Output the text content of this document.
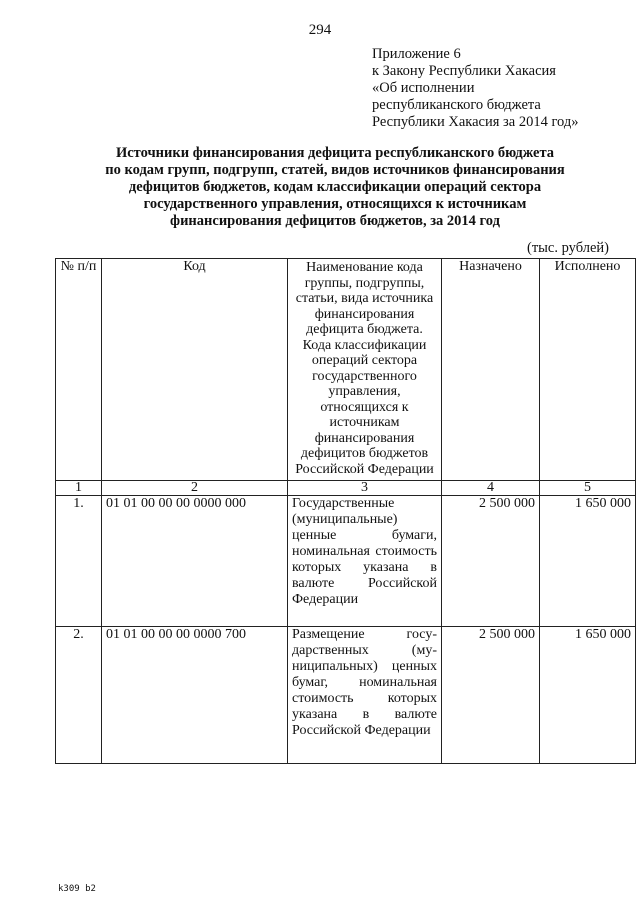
294
Приложение 6
к Закону Республики Хакасия
«Об исполнении
республиканского бюджета
Республики Хакасия за 2014 год»
Источники финансирования дефицита республиканского бюджета
по кодам групп, подгрупп, статей, видов источников финансирования
дефицитов бюджетов, кодам классификации операций сектора
государственного управления, относящихся к источникам
финансирования дефицитов бюджетов, за 2014 год
(тыс. рублей)
№ п/п	Код	Наименование кода группы, подгруппы, статьи, вида источника финансирования дефицита бюджета. Кода классификации операций сектора государственного управления, относящихся к источникам финансирования дефицитов бюджетов Российской Федерации	Назначено	Исполнено
1	2	3	4	5
1.	01 01 00 00 00 0000 000	Государственные (муниципальные) ценные бумаги, номинальная стоимость которых указана в валюте Российской Федерации	2 500 000	1 650 000
2.	01 01 00 00 00 0000 700	Размещение государственных (муниципальных) ценных бумаг, номинальная стоимость которых указана в валюте Российской Федерации	2 500 000	1 650 000
k309 b2
